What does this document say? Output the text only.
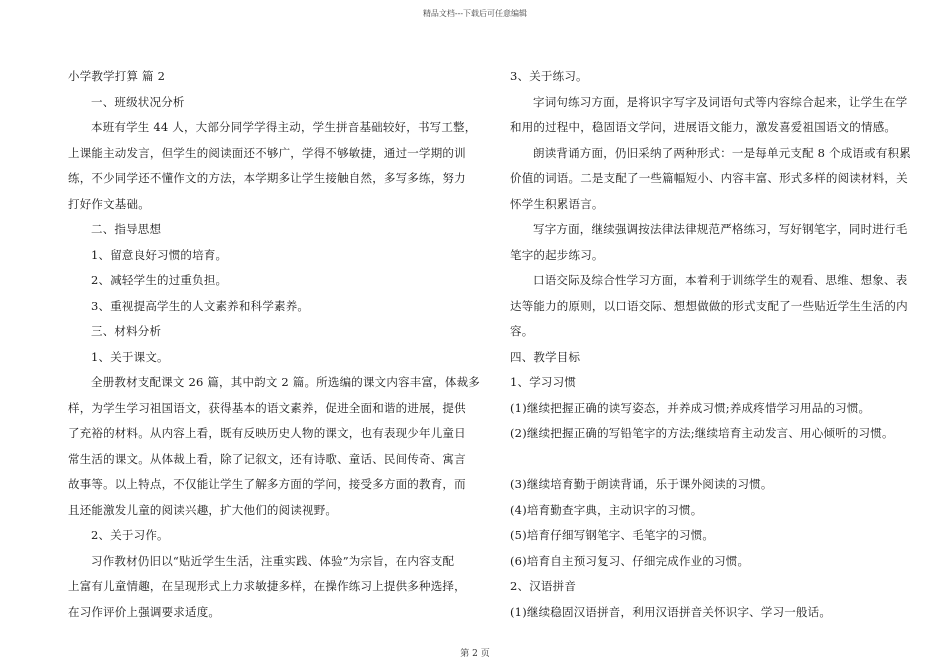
精品文档---下载后可任意编辑

小学教学打算 篇 2

一、班级状况分析

本班有学生 44 人，大部分同学学得主动，学生拼音基础较好，书写工整，

上课能主动发言，但学生的阅读面还不够广，学得不够敏捷，通过一学期的训

练，不少同学还不懂作文的方法，本学期多让学生接触自然，多写多练，努力

打好作文基础。

二、指导思想

1、留意良好习惯的培育。

2、减轻学生的过重负担。

3、重视提高学生的人文素养和科学素养。

三、材料分析

1、关于课文。

全册教材支配课文 26 篇，其中韵文 2 篇。所选编的课文内容丰富，体裁多

样，为学生学习祖国语文，获得基本的语文素养，促进全面和谐的进展，提供

了充裕的材料。从内容上看，既有反映历史人物的课文，也有表现少年儿童日

常生活的课文。从体裁上看，除了记叙文，还有诗歌、童话、民间传奇、寓言

故事等。以上特点，不仅能让学生了解多方面的学问，接受多方面的教育，而

且还能激发儿童的阅读兴趣，扩大他们的阅读视野。

2、关于习作。

习作教材仍旧以“贴近学生生活，注重实践、体验”为宗旨，在内容支配

上富有儿童情趣，在呈现形式上力求敏捷多样，在操作练习上提供多种选择，

在习作评价上强调要求适度。

3、关于练习。

字词句练习方面，是将识字写字及词语句式等内容综合起来，让学生在学

和用的过程中，稳固语文学问，进展语文能力，激发喜爱祖国语文的情感。

朗读背诵方面，仍旧采纳了两种形式：一是每单元支配 8 个成语或有积累

价值的词语。二是支配了一些篇幅短小、内容丰富、形式多样的阅读材料，关

怀学生积累语言。

写字方面，继续强调按法律法律规范严格练习，写好钢笔字，同时进行毛

笔字的起步练习。

口语交际及综合性学习方面，本着利于训练学生的观看、思维、想象、表

达等能力的原则，以口语交际、想想做做的形式支配了一些贴近学生生活的内

容。

四、教学目标

1、学习习惯

(1)继续把握正确的读写姿态，并养成习惯;养成疼惜学习用品的习惯。

(2)继续把握正确的写铅笔字的方法;继续培育主动发言、用心倾听的习惯。

(3)继续培育勤于朗读背诵，乐于课外阅读的习惯。

(4)培育勤查字典，主动识字的习惯。

(5)培育仔细写钢笔字、毛笔字的习惯。

(6)培育自主预习复习、仔细完成作业的习惯。

2、汉语拼音

(1)继续稳固汉语拼音，利用汉语拼音关怀识字、学习一般话。

第 2 页
